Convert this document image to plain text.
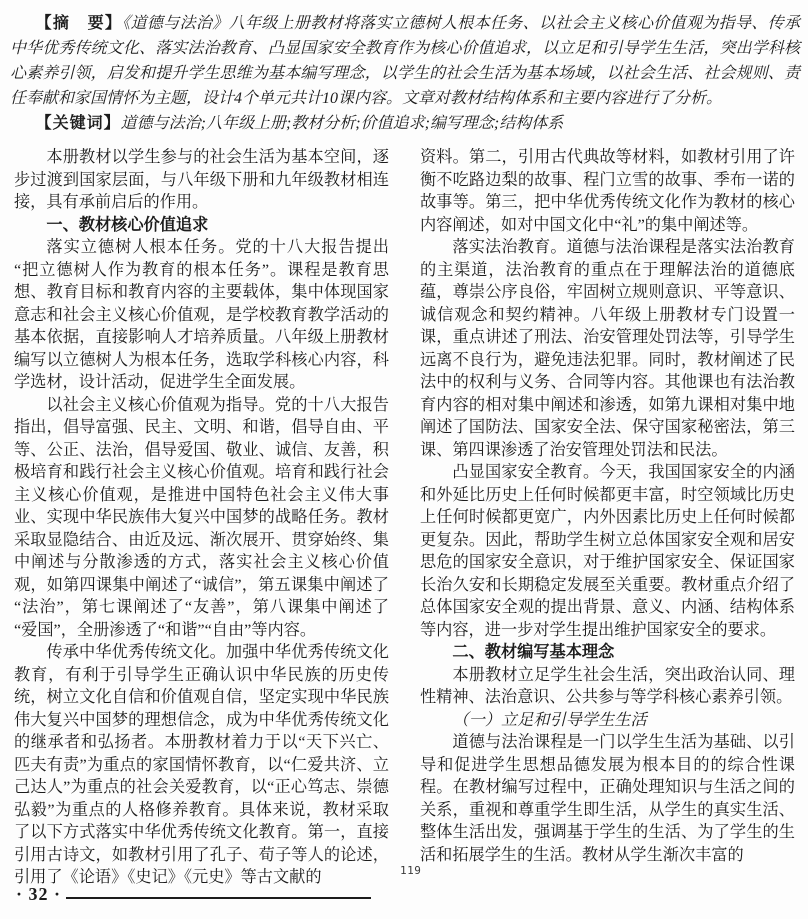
【摘　要】《道德与法治》八年级上册教材将落实立德树人根本任务、以社会主义核心价值观为指导、传承中华优秀传统文化、落实法治教育、凸显国家安全教育作为核心价值追求，以立足和引导学生生活，突出学科核心素养引领，启发和提升学生思维为基本编写理念，以学生的社会生活为基本场域，以社会生活、社会规则、责任奉献和家国情怀为主题，设计4个单元共计10课内容。文章对教材结构体系和主要内容进行了分析。

【关键词】道德与法治;八年级上册;教材分析;价值追求;编写理念;结构体系

本册教材以学生参与的社会生活为基本空间，逐步过渡到国家层面，与八年级下册和九年级教材相连接，具有承前启后的作用。

一、教材核心价值追求

落实立德树人根本任务。党的十八大报告提出“把立德树人作为教育的根本任务”。课程是教育思想、教育目标和教育内容的主要载体，集中体现国家意志和社会主义核心价值观，是学校教育教学活动的基本依据，直接影响人才培养质量。八年级上册教材编写以立德树人为根本任务，选取学科核心内容，科学选材，设计活动，促进学生全面发展。

以社会主义核心价值观为指导。党的十八大报告指出，倡导富强、民主、文明、和谐，倡导自由、平等、公正、法治，倡导爱国、敬业、诚信、友善，积极培育和践行社会主义核心价值观。培育和践行社会主义核心价值观，是推进中国特色社会主义伟大事业、实现中华民族伟大复兴中国梦的战略任务。教材采取显隐结合、由近及远、渐次展开、贯穿始终、集中阐述与分散渗透的方式，落实社会主义核心价值观，如第四课集中阐述了“诚信”，第五课集中阐述了“法治”，第七课阐述了“友善”，第八课集中阐述了“爱国”，全册渗透了“和谐”“自由”等内容。

传承中华优秀传统文化。加强中华优秀传统文化教育，有利于引导学生正确认识中华民族的历史传统，树立文化自信和价值观自信，坚定实现中华民族伟大复兴中国梦的理想信念，成为中华优秀传统文化的继承者和弘扬者。本册教材着力于以“天下兴亡、匹夫有责”为重点的家国情怀教育，以“仁爱共济、立己达人”为重点的社会关爱教育，以“正心笃志、崇德弘毅”为重点的人格修养教育。具体来说，教材采取了以下方式落实中华优秀传统文化教育。第一，直接引用古诗文，如教材引用了孔子、荀子等人的论述，引用了《论语》《史记》《元史》等古文献的

资料。第二，引用古代典故等材料，如教材引用了许衡不吃路边梨的故事、程门立雪的故事、季布一诺的故事等。第三，把中华优秀传统文化作为教材的核心内容阐述，如对中国文化中“礼”的集中阐述等。

落实法治教育。道德与法治课程是落实法治教育的主渠道，法治教育的重点在于理解法治的道德底蕴，尊崇公序良俗，牢固树立规则意识、平等意识、诚信观念和契约精神。八年级上册教材专门设置一课，重点讲述了刑法、治安管理处罚法等，引导学生远离不良行为，避免违法犯罪。同时，教材阐述了民法中的权利与义务、合同等内容。其他课也有法治教育内容的相对集中阐述和渗透，如第九课相对集中地阐述了国防法、国家安全法、保守国家秘密法，第三课、第四课渗透了治安管理处罚法和民法。

凸显国家安全教育。今天，我国国家安全的内涵和外延比历史上任何时候都更丰富，时空领域比历史上任何时候都更宽广，内外因素比历史上任何时候都更复杂。因此，帮助学生树立总体国家安全观和居安思危的国家安全意识，对于维护国家安全、保证国家长治久安和长期稳定发展至关重要。教材重点介绍了总体国家安全观的提出背景、意义、内涵、结构体系等内容，进一步对学生提出维护国家安全的要求。

二、教材编写基本理念

本册教材立足学生社会生活，突出政治认同、理性精神、法治意识、公共参与等学科核心素养引领。

（一）立足和引导学生生活

道德与法治课程是一门以学生生活为基础、以引导和促进学生思想品德发展为根本目的的综合性课程。在教材编写过程中，正确处理知识与生活之间的关系，重视和尊重学生即生活，从学生的真实生活、整体生活出发，强调基于学生的生活、为了学生的生活和拓展学生的生活。教材从学生渐次丰富的

· 32 ·
119
